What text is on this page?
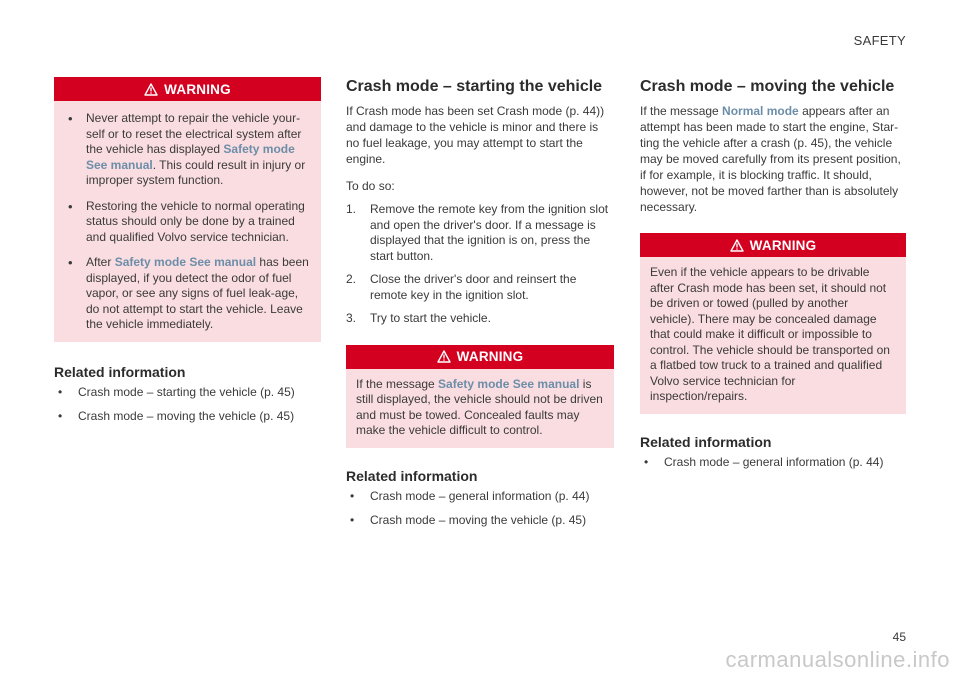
SAFETY
WARNING
• Never attempt to repair the vehicle your-self or to reset the electrical system after the vehicle has displayed Safety mode See manual. This could result in injury or improper system function.
• Restoring the vehicle to normal operating status should only be done by a trained and qualified Volvo service technician.
• After Safety mode See manual has been displayed, if you detect the odor of fuel vapor, or see any signs of fuel leak-age, do not attempt to start the vehicle. Leave the vehicle immediately.
Related information
• Crash mode – starting the vehicle (p. 45)
• Crash mode – moving the vehicle (p. 45)
Crash mode – starting the vehicle

If Crash mode has been set Crash mode (p. 44)) and damage to the vehicle is minor and there is no fuel leakage, you may attempt to start the engine.

To do so:

1. Remove the remote key from the ignition slot and open the driver's door. If a message is displayed that the ignition is on, press the start button.
2. Close the driver's door and reinsert the remote key in the ignition slot.
3. Try to start the vehicle.
WARNING
If the message Safety mode See manual is still displayed, the vehicle should not be driven and must be towed. Concealed faults may make the vehicle difficult to control.
Related information
• Crash mode – general information (p. 44)
• Crash mode – moving the vehicle (p. 45)
Crash mode – moving the vehicle

If the message Normal mode appears after an attempt has been made to start the engine, Star-ting the vehicle after a crash (p. 45), the vehicle may be moved carefully from its present position, if for example, it is blocking traffic. It should, however, not be moved farther than is absolutely necessary.

WARNING
Even if the vehicle appears to be drivable after Crash mode has been set, it should not be driven or towed (pulled by another vehicle). There may be concealed damage that could make it difficult or impossible to control. The vehicle should be transported on a flatbed tow truck to a trained and qualified Volvo service technician for inspection/repairs.
Related information
• Crash mode – general information (p. 44)
45
carmanualsonline.info
